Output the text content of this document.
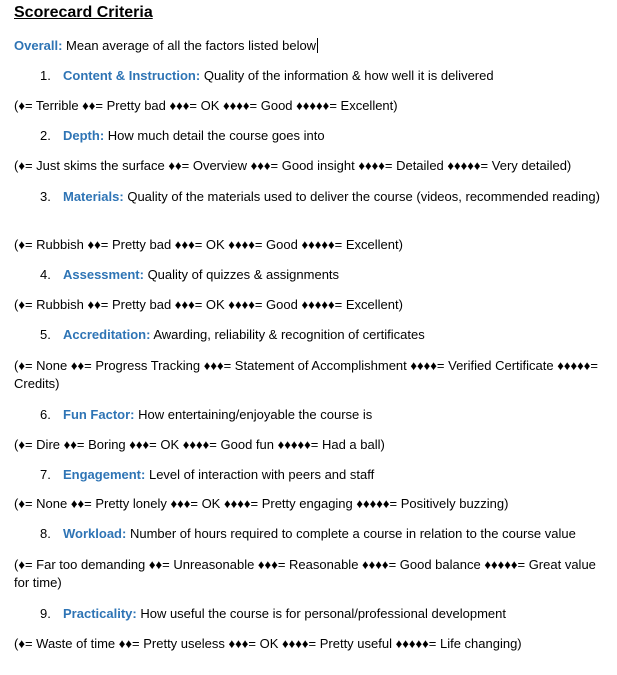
Scorecard Criteria
Overall: Mean average of all the factors listed below
1. Content & Instruction: Quality of the information & how well it is delivered
(♦= Terrible ♦♦= Pretty bad ♦♦♦= OK ♦♦♦♦= Good ♦♦♦♦♦= Excellent)
2. Depth: How much detail the course goes into
(♦= Just skims the surface ♦♦= Overview ♦♦♦= Good insight ♦♦♦♦= Detailed ♦♦♦♦♦= Very detailed)
3. Materials: Quality of the materials used to deliver the course (videos, recommended reading)
(♦= Rubbish ♦♦= Pretty bad ♦♦♦= OK ♦♦♦♦= Good ♦♦♦♦♦= Excellent)
4. Assessment: Quality of quizzes & assignments
(♦= Rubbish ♦♦= Pretty bad ♦♦♦= OK ♦♦♦♦= Good ♦♦♦♦♦= Excellent)
5. Accreditation: Awarding, reliability & recognition of certificates
(♦= None ♦♦= Progress Tracking ♦♦♦= Statement of Accomplishment ♦♦♦♦= Verified Certificate ♦♦♦♦♦= Credits)
6. Fun Factor: How entertaining/enjoyable the course is
(♦= Dire ♦♦= Boring ♦♦♦= OK ♦♦♦♦= Good fun ♦♦♦♦♦= Had a ball)
7. Engagement: Level of interaction with peers and staff
(♦= None ♦♦= Pretty lonely ♦♦♦= OK ♦♦♦♦= Pretty engaging ♦♦♦♦♦= Positively buzzing)
8. Workload: Number of hours required to complete a course in relation to the course value
(♦= Far too demanding ♦♦= Unreasonable ♦♦♦= Reasonable ♦♦♦♦= Good balance ♦♦♦♦♦= Great value for time)
9. Practicality: How useful the course is for personal/professional development
(♦= Waste of time ♦♦= Pretty useless ♦♦♦= OK ♦♦♦♦= Pretty useful ♦♦♦♦♦= Life changing)
